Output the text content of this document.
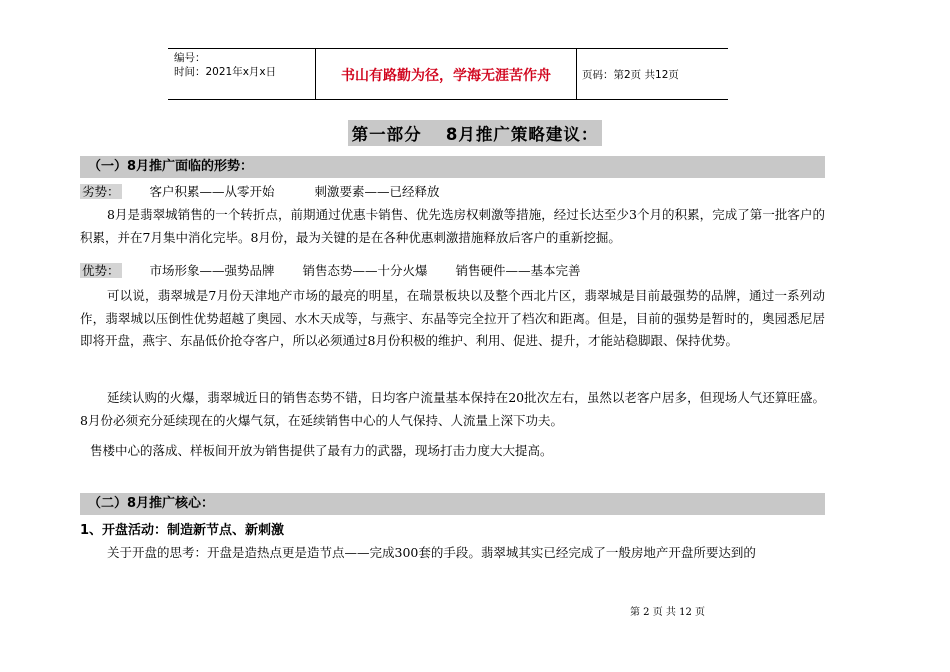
编号：
时间：2021年x月x日	书山有路勤为径，学海无涯苦作舟	页码：第2页 共12页
第一部分　 8月推广策略建议：
（一）8月推广面临的形势：
劣势： 客户积累——从零开始	刺激要素——已经释放

8月是翡翠城销售的一个转折点，前期通过优惠卡销售、优先选房权刺激等措施，经过长达至少3个月的积累，完成了第一批客户的积累，并在7月集中消化完毕。8月份，最为关键的是在各种优惠刺激措施释放后客户的重新挖掘。

优势： 市场形象——强势品牌 销售态势——十分火爆 销售硬件——基本完善

可以说，翡翠城是7月份天津地产市场的最亮的明星，在瑞景板块以及整个西北片区，翡翠城是目前最强势的品牌，通过一系列动作，翡翠城以压倒性优势超越了奥园、水木天成等，与燕宇、东晶等完全拉开了档次和距离。但是，目前的强势是暂时的，奥园悉尼居即将开盘，燕宇、东晶低价抢夺客户，所以必须通过8月份积极的维护、利用、促进、提升，才能站稳脚跟、保持优势。

延续认购的火爆，翡翠城近日的销售态势不错，日均客户流量基本保持在20批次左右，虽然以老客户居多，但现场人气还算旺盛。8月份必须充分延续现在的火爆气氛，在延续销售中心的人气保持、人流量上深下功夫。

售楼中心的落成、样板间开放为销售提供了最有力的武器，现场打击力度大大提高。

（二）8月推广核心：
1、开盘活动：制造新节点、新刺激

关于开盘的思考：开盘是造热点更是造节点——完成300套的手段。翡翠城其实已经完成了一般房地产开盘所要达到的

第 2 页 共 12 页
